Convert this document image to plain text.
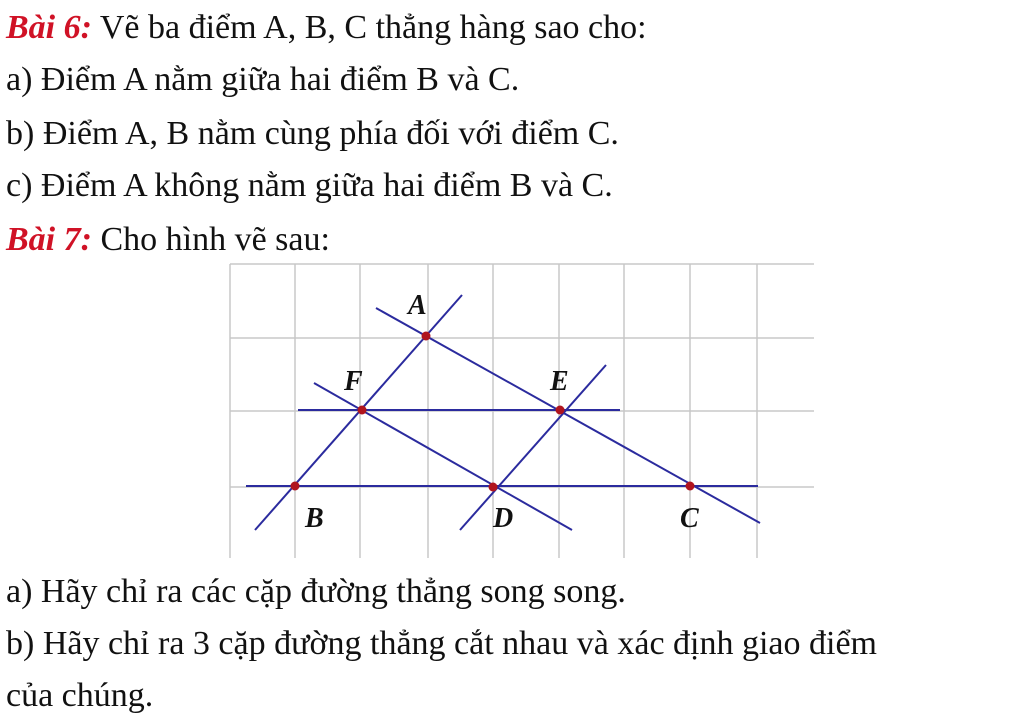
Bài 6: Vẽ ba điểm A, B, C thẳng hàng sao cho:
a) Điểm A nằm giữa hai điểm B và C.
b) Điểm A, B nằm cùng phía đối với điểm C.
c) Điểm A không nằm giữa hai điểm B và C.
Bài 7: Cho hình vẽ sau:
A
F	E
B	D	C
a) Hãy chỉ ra các cặp đường thẳng song song.
b) Hãy chỉ ra 3 cặp đường thẳng cắt nhau và xác định giao điểm
của chúng.
